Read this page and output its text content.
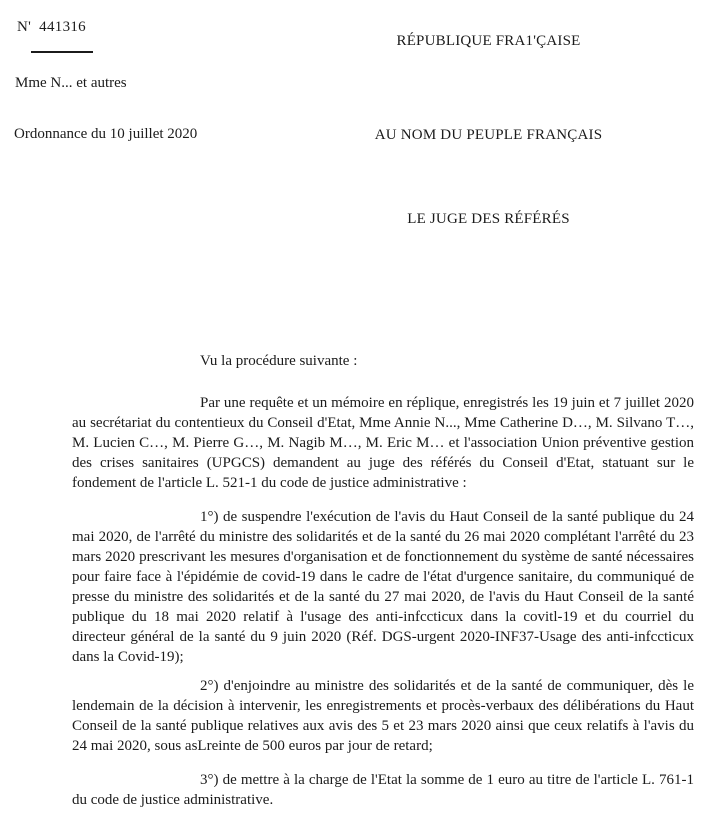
N' 441316
Mme N... et autres
Ordonnance du 10 juillet 2020
RÉPUBLIQUE FRA1'ÇAISE
AU NOM DU PEUPLE FRANÇAIS
LE JUGE DES RÉFÉRÉS

Vu la procédure suivante :

Par une requête et un mémoire en réplique, enregistrés les 19 juin et 7 juillet 2020 au secrétariat du contentieux du Conseil d'Etat, Mme Annie N..., Mme Catherine D…, M. Silvano T…, M. Lucien C…, M. Pierre G…, M. Nagib M…, M. Eric M… et l'association Union préventive gestion des crises sanitaires (UPGCS) demandent au juge des référés du Conseil d'Etat, statuant sur le fondement de l'article L. 521-1 du code de justice administrative :

1°) de suspendre l'exécution de l'avis du Haut Conseil de la santé publique du 24 mai 2020, de l'arrêté du ministre des solidarités et de la santé du 26 mai 2020 complétant l'arrêté du 23 mars 2020 prescrivant les mesures d'organisation et de fonctionnement du système de santé nécessaires pour faire face à l'épidémie de covid-19 dans le cadre de l'état d'urgence sanitaire, du communiqué de presse du ministre des solidarités et de la santé du 27 mai 2020, de l'avis du Haut Conseil de la santé publique du 18 mai 2020 relatif à l'usage des anti-infccticux dans la covitl-19 et du courriel du directeur général de la santé du 9 juin 2020 (Réf. DGS-urgent 2020-INF37-Usage des anti-infccticux dans la Covid-19);

2°) d'enjoindre au ministre des solidarités et de la santé de communiquer, dès le lendemain de la décision à intervenir, les enregistrements et procès-verbaux des délibérations du Haut Conseil de la santé publique relatives aux avis des 5 et 23 mars 2020 ainsi que ceux relatifs à l'avis du 24 mai 2020, sous asLreinte de 500 euros par jour de retard;

3°) de mettre à la charge de l'Etat la somme de 1 euro au titre de l'article L. 761-1 du code de justice administrative.
